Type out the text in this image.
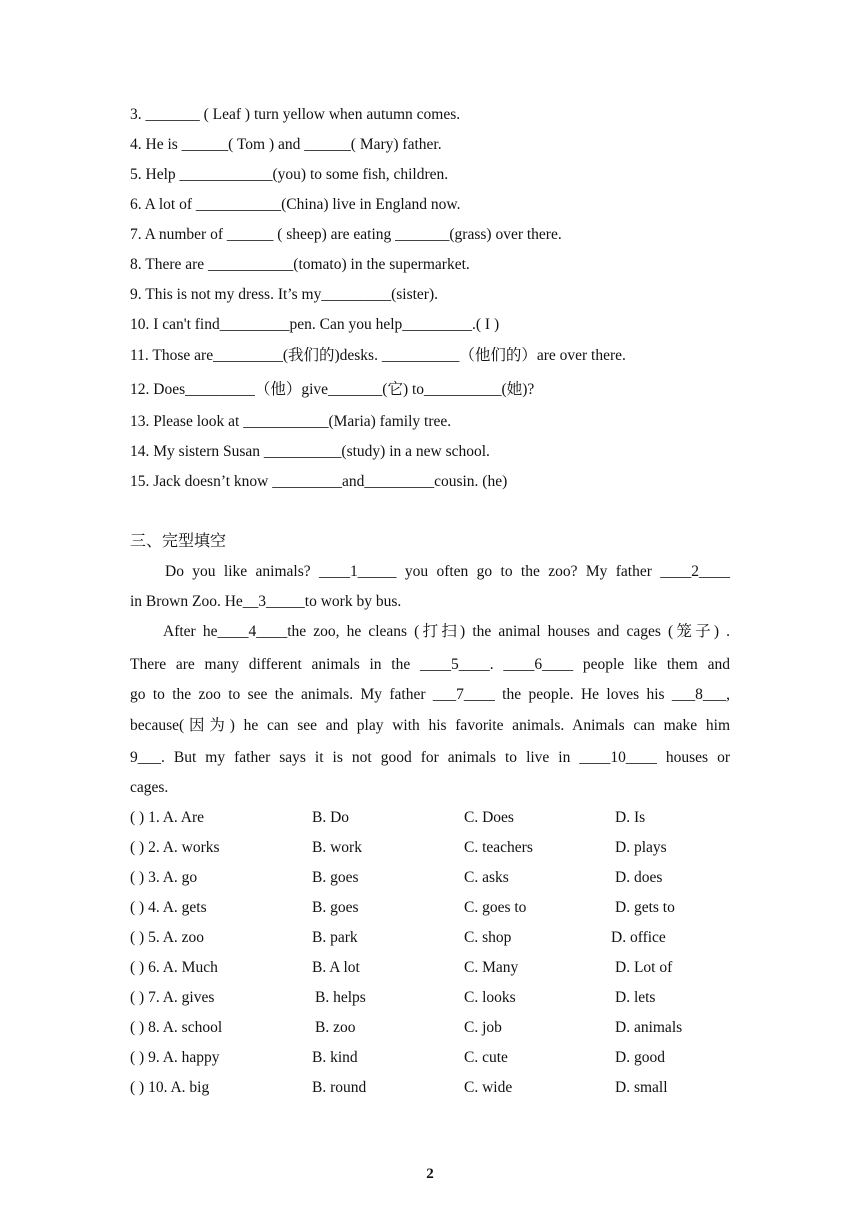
3. _______ ( Leaf ) turn yellow when autumn comes.
4. He is ______( Tom ) and ______( Mary) father.
5. Help ____________(you) to some fish, children.
6. A lot of ___________(China) live in England now.
7. A number of ______ ( sheep) are eating _______(grass) over there.
8. There are ___________(tomato) in the supermarket.
9. This is not my dress. It’s my_________(sister).
10. I can't find_________pen. Can you help_________.( I )
11. Those are_________(我们的)desks. __________（他们的）are over there.
12. Does_________（他）give_______(它) to__________(她)?
13. Please look at ___________(Maria) family tree.
14. My sistern Susan __________(study) in a new school.
15. Jack doesn’t know _________and_________cousin. (he)
三、完型填空
Do you like animals? ____1_____ you often go to the zoo? My father ____2____
in Brown Zoo. He__3_____to work by bus.
After he____4____the zoo, he cleans (打扫) the animal houses and cages (笼子) .
There are many different animals in the ____5____. ____6____ people like them and
go to the zoo to see the animals. My father ___7____ the people. He loves his ___8___,
because(因为) he can see and play with his favorite animals. Animals can make him
9___. But my father says it is not good for animals to live in ____10____ houses or
cages.
( ) 1. A. Are	B. Do	C. Does	D. Is
( ) 2. A. works	B. work	C. teachers	D. plays
( ) 3. A. go	B. goes	C. asks	D. does
( ) 4. A. gets	B. goes	C. goes to	D. gets to
( ) 5. A. zoo	B. park	C. shop	D. office
( ) 6. A. Much	B. A lot	C. Many	D. Lot of
( ) 7. A. gives	B. helps	C. looks	D. lets
( ) 8. A. school	B. zoo	C. job	D. animals
( ) 9. A. happy	B. kind	C. cute	D. good
( ) 10. A. big	B. round	C. wide	D. small
2
